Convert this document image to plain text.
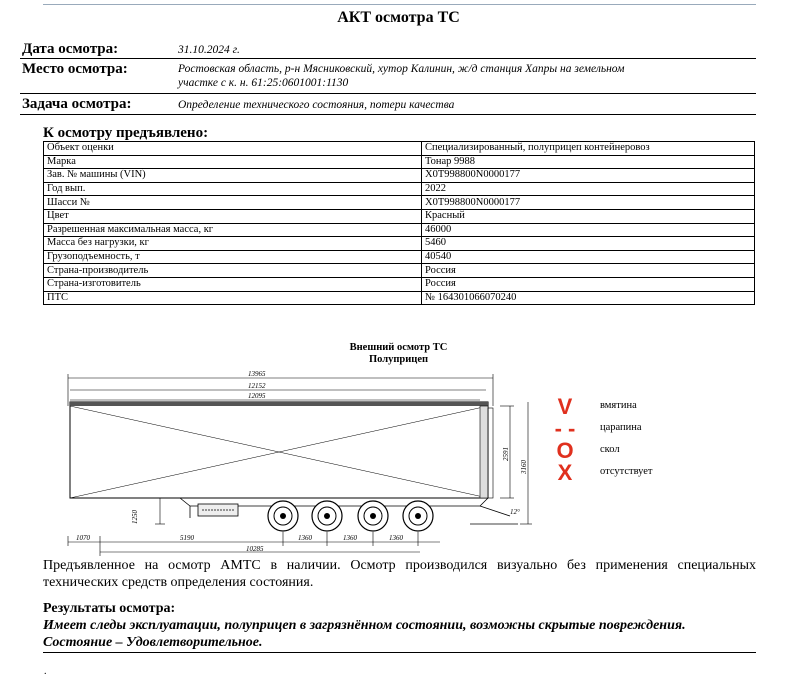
АКТ осмотра ТС
Дата осмотра:	31.10.2024 г.
Место осмотра:	Ростовская область, р-н Мясниковский, хутор Калинин, ж/д станция Хапры на земельном
участке с к. н. 61:25:0601001:1130
Задача осмотра:	Определение технического состояния, потери качества
К осмотру предъявлено:
Объект оценки	Специализированный, полуприцеп контейнеровоз
Марка	Тонар 9988
Зав. № машины (VIN)	X0T998800N0000177
Год вып.	2022
Шасси №	X0T998800N0000177
Цвет	Красный
Разрешенная максимальная масса, кг	46000
Масса без нагрузки, кг	5460
Грузоподъемность, т	40540
Страна-производитель	Россия
Страна-изготовитель	Россия
ПТС	№ 164301066070240
Внешний осмотр ТС
Полуприцеп
13965
12152
12095
2591
3160
1250
1070	5190	1360	1360	1360
10285
12°
V	вмятина
- - царапина
O	скол
X	отсутствует
Предъявленное на осмотр АМТС в наличии. Осмотр производился визуально без применения специальных технических средств определения состояния.
Результаты осмотра:
Имеет следы эксплуатации, полуприцеп в загрязнённом состоянии, возможны скрытые повреждения. Состояние – Удовлетворительное.
.
